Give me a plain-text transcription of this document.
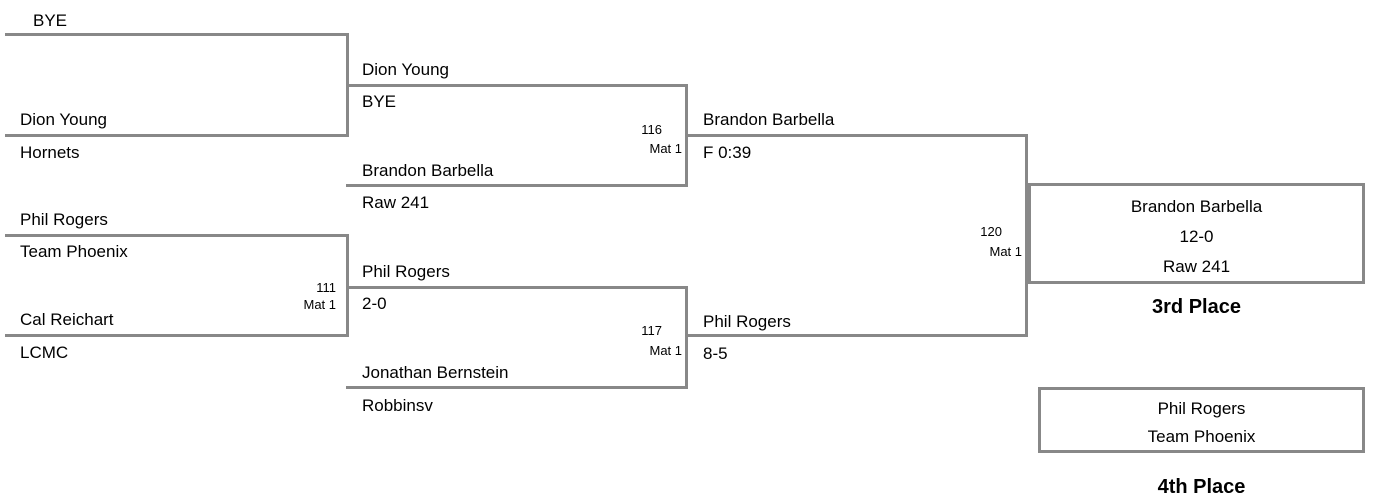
BYE
Dion Young
Hornets
Phil Rogers
Team Phoenix
111
Mat 1
Cal Reichart
LCMC
Dion Young
BYE
116
Mat 1
Brandon Barbella
Raw 241
Phil Rogers
2-0
117
Mat 1
Jonathan Bernstein
Robbinsv
Brandon Barbella
F 0:39
120
Mat 1
Phil Rogers
8-5
Brandon Barbella
12-0
Raw 241
3rd Place
Phil Rogers
Team Phoenix
4th Place
